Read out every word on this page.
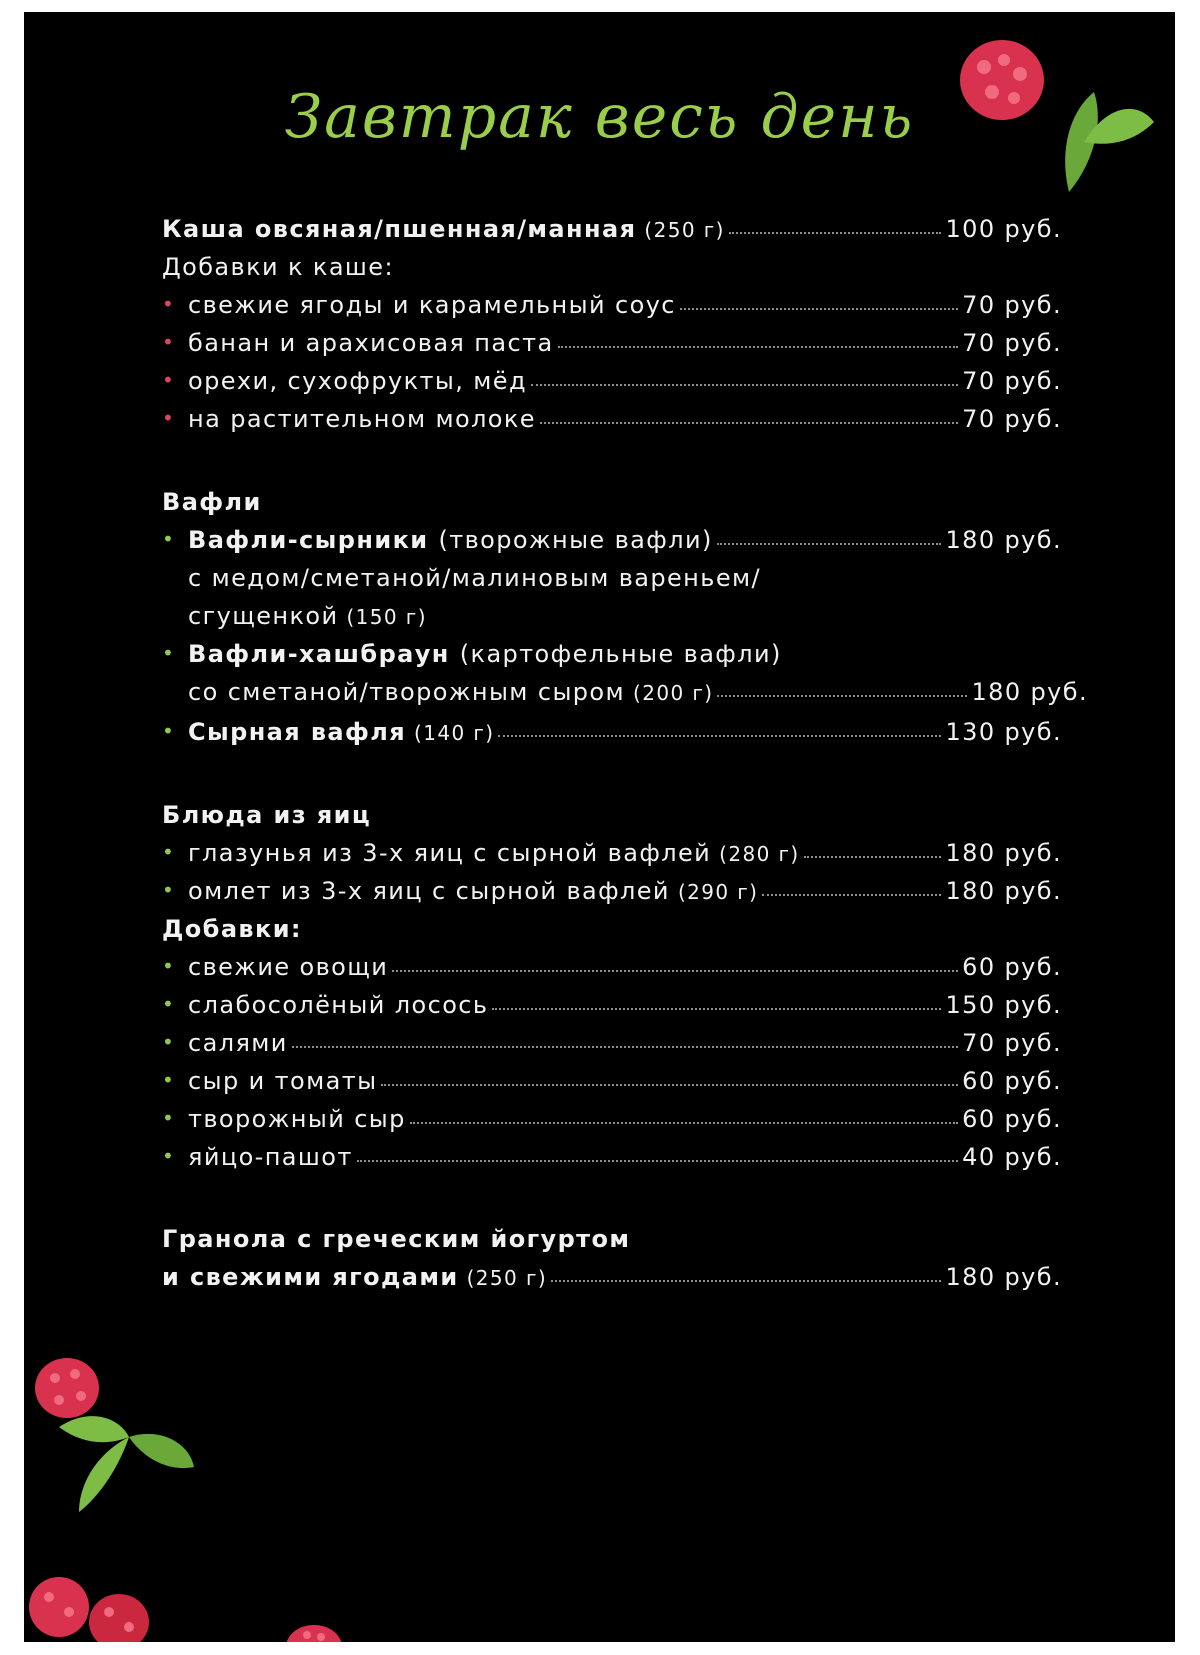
Завтрак весь день
Каша овсяная/пшенная/манная (250 г)	100 руб.
Добавки к каше:
• свежие ягоды и карамельный соус	70 руб.
• банан и арахисовая паста	70 руб.
• орехи, сухофрукты, мёд	70 руб.
• на растительном молоке	70 руб.
Вафли
• Вафли-сырники (творожные вафли)	180 руб.
с медом/сметаной/малиновым вареньем/
сгущенкой (150 г)
• Вафли-хашбраун (картофельные вафли)
со сметаной/творожным сыром (200 г)	180 руб.
• Сырная вафля (140 г)	130 руб.
Блюда из яиц
• глазунья из 3-х яиц с сырной вафлей (280 г)	180 руб.
• омлет из 3-х яиц с сырной вафлей (290 г)	180 руб.
Добавки:
• свежие овощи	60 руб.
• слабосолёный лосось	150 руб.
• салями	70 руб.
• сыр и томаты	60 руб.
• творожный сыр	60 руб.
• яйцо-пашот	40 руб.
Гранола с греческим йогуртом
и свежими ягодами (250 г)	180 руб.
